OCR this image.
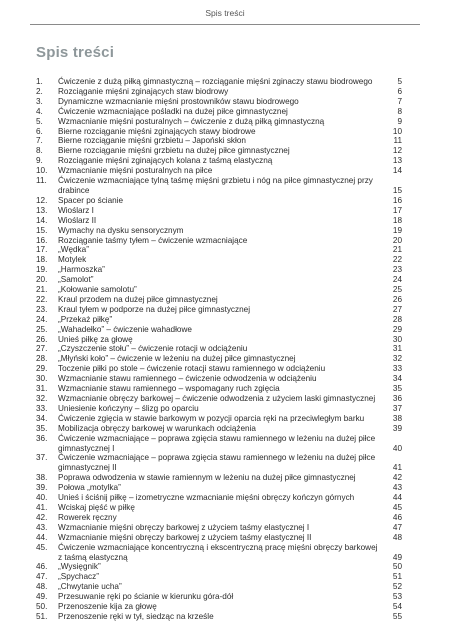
Spis treści
Spis treści
1.	Ćwiczenie z dużą piłką gimnastyczną – rozciąganie mięśni zginaczy stawu biodrowego	5
2.	Rozciąganie mięśni zginających staw biodrowy	6
3.	Dynamiczne wzmacnianie mięśni prostowników stawu biodrowego	7
4.	Ćwiczenie wzmacniające pośladki na dużej piłce gimnastycznej	8
5.	Wzmacnianie mięśni posturalnych – ćwiczenie z dużą piłką gimnastyczną	9
6.	Bierne rozciąganie mięśni zginających stawy biodrowe	10
7.	Bierne rozciąganie mięśni grzbietu – Japoński skłon	11
8.	Bierne rozciąganie mięśni grzbietu na dużej piłce gimnastycznej	12
9.	Rozciąganie mięśni zginających kolana z taśmą elastyczną	13
10.	Wzmacnianie mięśni posturalnych na piłce	14
11.	Ćwiczenie wzmacniające tylną taśmę mięśni grzbietu i nóg na piłce gimnastycznej przy drabince	15
12.	Spacer po ścianie	16
13.	Wioślarz I	17
14.	Wioślarz II	18
15.	Wymachy na dysku sensorycznym	19
16.	Rozciąganie taśmy tyłem – ćwiczenie wzmacniające	20
17.	„Wędka”	21
18.	Motylek	22
19.	„Harmoszka”	23
20.	„Samolot”	24
21.	„Kołowanie samolotu”	25
22.	Kraul przodem na dużej piłce gimnastycznej	26
23.	Kraul tyłem w podporze na dużej piłce gimnastycznej	27
24.	„Przekaż piłkę”	28
25.	„Wahadełko” – ćwiczenie wahadłowe	29
26.	Unieś piłkę za głowę	30
27.	„Czyszczenie stołu” – ćwiczenie rotacji w odciążeniu	31
28.	„Młyński koło” – ćwiczenie w leżeniu na dużej piłce gimnastycznej	32
29.	Toczenie piłki po stole – ćwiczenie rotacji stawu ramiennego w odciążeniu	33
30.	Wzmacnianie stawu ramiennego – ćwiczenie odwodzenia w odciążeniu	34
31.	Wzmacnianie stawu ramiennego – wspomagany ruch zgięcia	35
32.	Wzmacnianie obręczy barkowej – ćwiczenie odwodzenia z użyciem laski gimnastycznej	36
33.	Uniesienie kończyny – ślizg po oparciu	37
34.	Ćwiczenie zgięcia w stawie barkowym w pozycji oparcia ręki na przeciwległym barku	38
35.	Mobilizacja obręczy barkowej w warunkach odciążenia	39
36.	Ćwiczenie wzmacniające – poprawa zgięcia stawu ramiennego w leżeniu na dużej piłce gimnastycznej I	40
37.	Ćwiczenie wzmacniające – poprawa zgięcia stawu ramiennego w leżeniu na dużej piłce gimnastycznej II	41
38.	Poprawa odwodzenia w stawie ramiennym w leżeniu na dużej piłce gimnastycznej	42
39.	Połowa „motylka”	43
40.	Unieś i ściśnij piłkę – izometryczne wzmacnianie mięśni obręczy kończyn górnych	44
41.	Wciskaj pięść w piłkę	45
42.	Rowerek ręczny	46
43.	Wzmacnianie mięśni obręczy barkowej z użyciem taśmy elastycznej I	47
44.	Wzmacnianie mięśni obręczy barkowej z użyciem taśmy elastycznej II	48
45.	Ćwiczenie wzmacniające koncentryczną i ekscentryczną pracę mięśni obręczy barkowej z taśmą elastyczną	49
46.	„Wysięgnik”	50
47.	„Spychacz”	51
48.	„Chwytanie ucha”	52
49.	Przesuwanie ręki po ścianie w kierunku góra-dół	53
50.	Przenoszenie kija za głowę	54
51.	Przenoszenie ręki w tył, siedząc na krześle	55
